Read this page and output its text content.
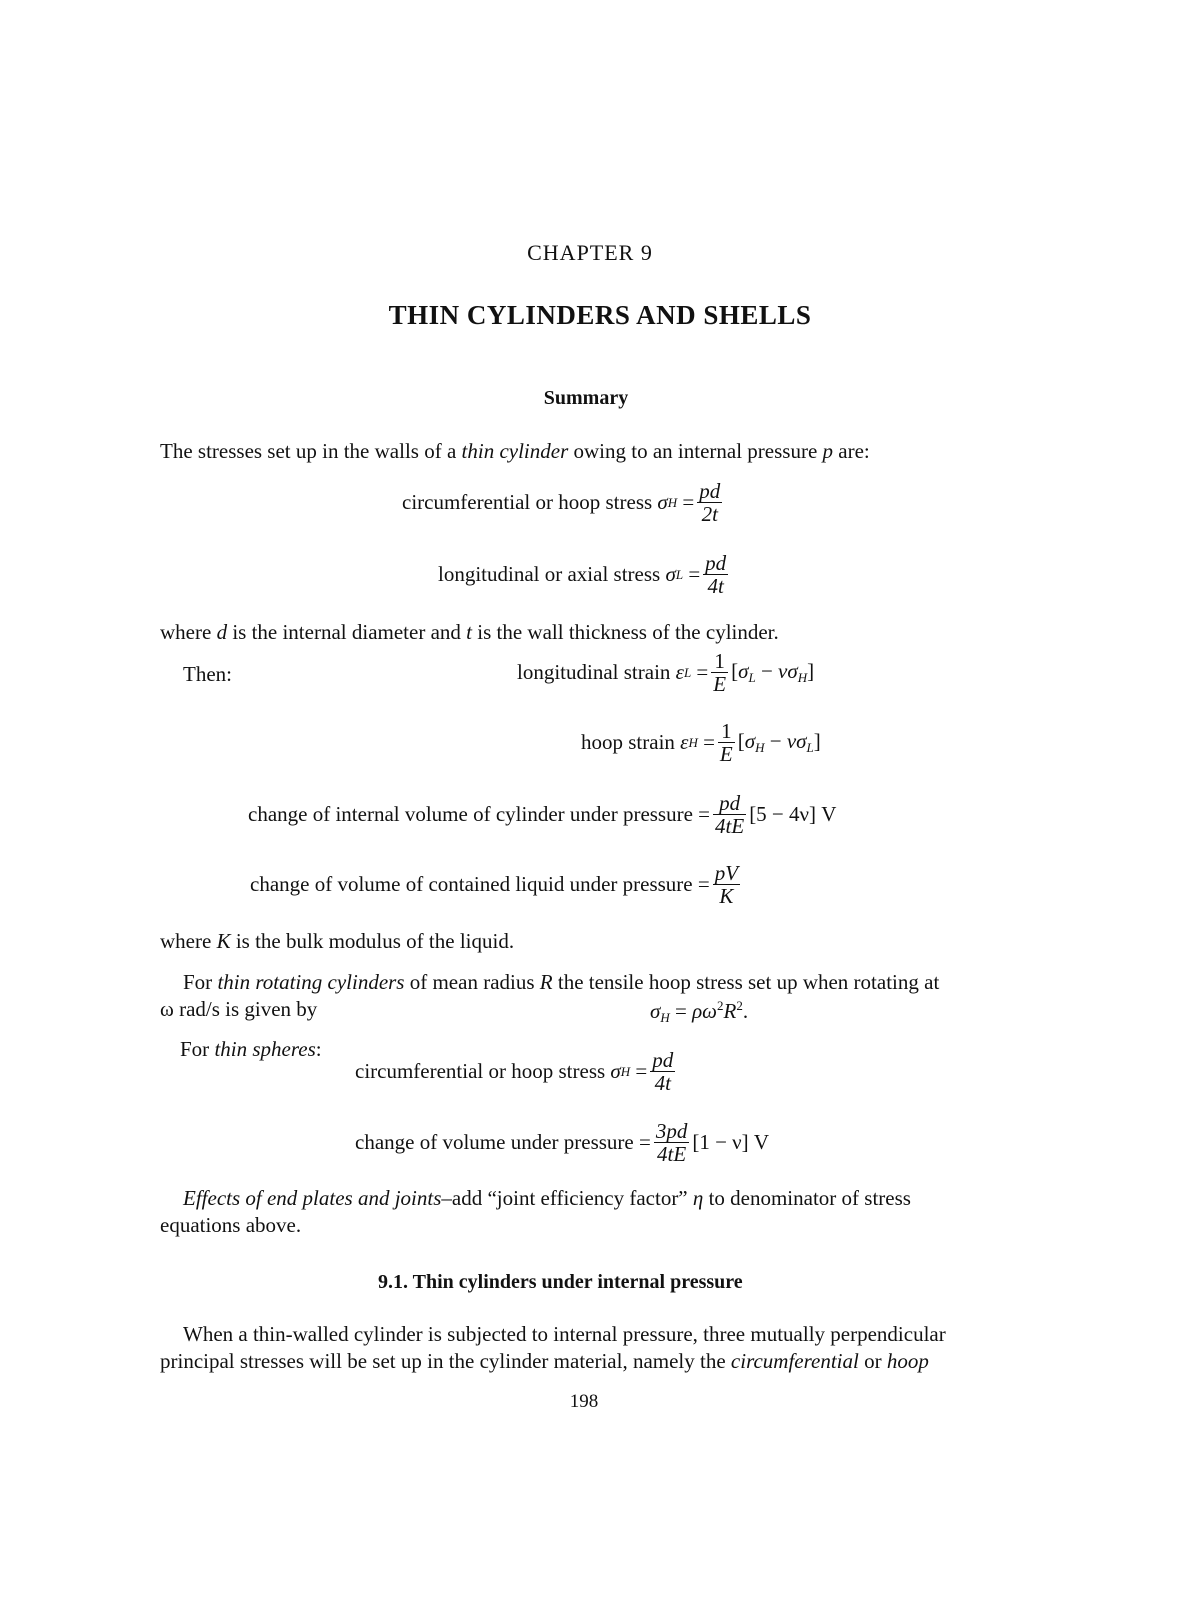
CHAPTER 9
THIN CYLINDERS AND SHELLS
Summary
The stresses set up in the walls of a thin cylinder owing to an internal pressure p are:
circumferential or hoop stress
σ $H = \frac{pd}{2t}$
longitudinal or axial stress
σ $L = \frac{pd}{4t}$
where d is the internal diameter and t is the wall thickness of the cylinder.
Then:	longitudinal strain
ε $L = \frac{1}{E} [\sigma_L - \nu\sigma_H]$
hoop strain
ε $H = \frac{1}{E} [\sigma_H - \nu\sigma_L]$
change of internal volume of cylinder under pressure = $\frac{pd}{4tE} [5 - 4\nu]$ V
change of volume of contained liquid under pressure = $\frac{pV}{K}$
where K is the bulk modulus of the liquid.
For thin rotating cylinders of mean radius R the tensile hoop stress set up when rotating at
ω rad/s is given by	$\sigma_H = \rho\omega^2R^2$.
For thin spheres:
circumferential or hoop stress
σ $H = \frac{pd}{4t}$
change of volume under pressure = $\frac{3pd}{4tE} [1 - \nu]$ V
Effects of end plates and joints–add “joint efficiency factor” η to denominator of stress
equations above.
9.1. Thin cylinders under internal pressure
When a thin-walled cylinder is subjected to internal pressure, three mutually perpendicular
principal stresses will be set up in the cylinder material, namely the circumferential or hoop
198
